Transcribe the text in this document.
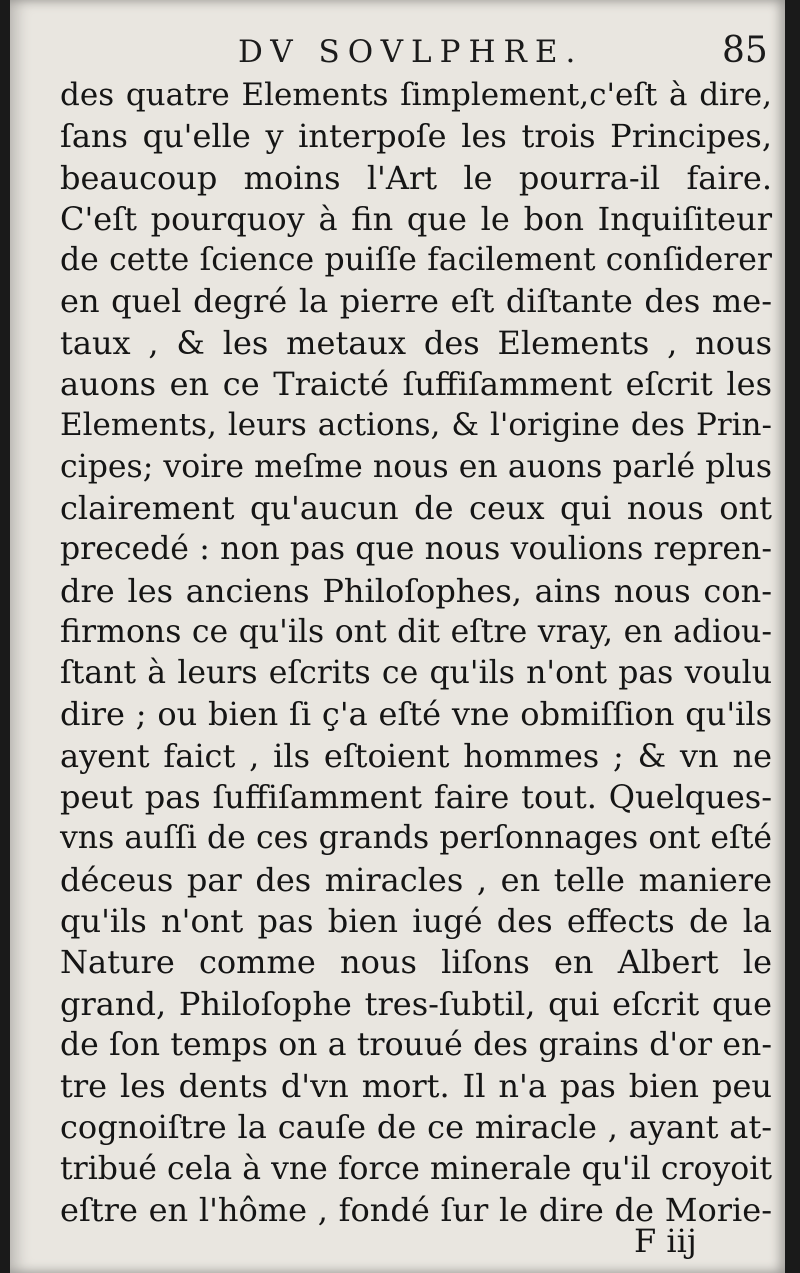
DV SOVLPHRE.	85
des quatre Elements ſimplement,c'eſt à dire,
ſans qu'elle y interpoſe les trois Principes,
beaucoup moins l'Art le pourra-il faire.
C'eſt pourquoy à fin que le bon Inquiſiteur
de cette ſcience puiſſe facilement conſiderer
en quel degré la pierre eſt diſtante des me-
taux , & les metaux des Elements , nous
auons en ce Traicté ſuffiſamment eſcrit les
Elements, leurs actions, & l'origine des Prin-
cipes; voire meſme nous en auons parlé plus
clairement qu'aucun de ceux qui nous ont
precedé : non pas que nous voulions repren-
dre les anciens Philoſophes, ains nous con-
firmons ce qu'ils ont dit eſtre vray, en adiou-
ſtant à leurs eſcrits ce qu'ils n'ont pas voulu
dire ; ou bien ſi ç'a eſté vne obmiſſion qu'ils
ayent faict , ils eſtoient hommes ; & vn ne
peut pas ſuffiſamment faire tout. Quelques-
vns auſſi de ces grands perſonnages ont eſté
déceus par des miracles , en telle maniere
qu'ils n'ont pas bien iugé des effects de la
Nature comme nous liſons en Albert le
grand, Philoſophe tres-ſubtil, qui eſcrit que
de ſon temps on a trouué des grains d'or en-
tre les dents d'vn mort. Il n'a pas bien peu
cognoiſtre la cauſe de ce miracle , ayant at-
tribué cela à vne force minerale qu'il croyoit
eſtre en l'hôme , fondé ſur le dire de Morie-
F iij
